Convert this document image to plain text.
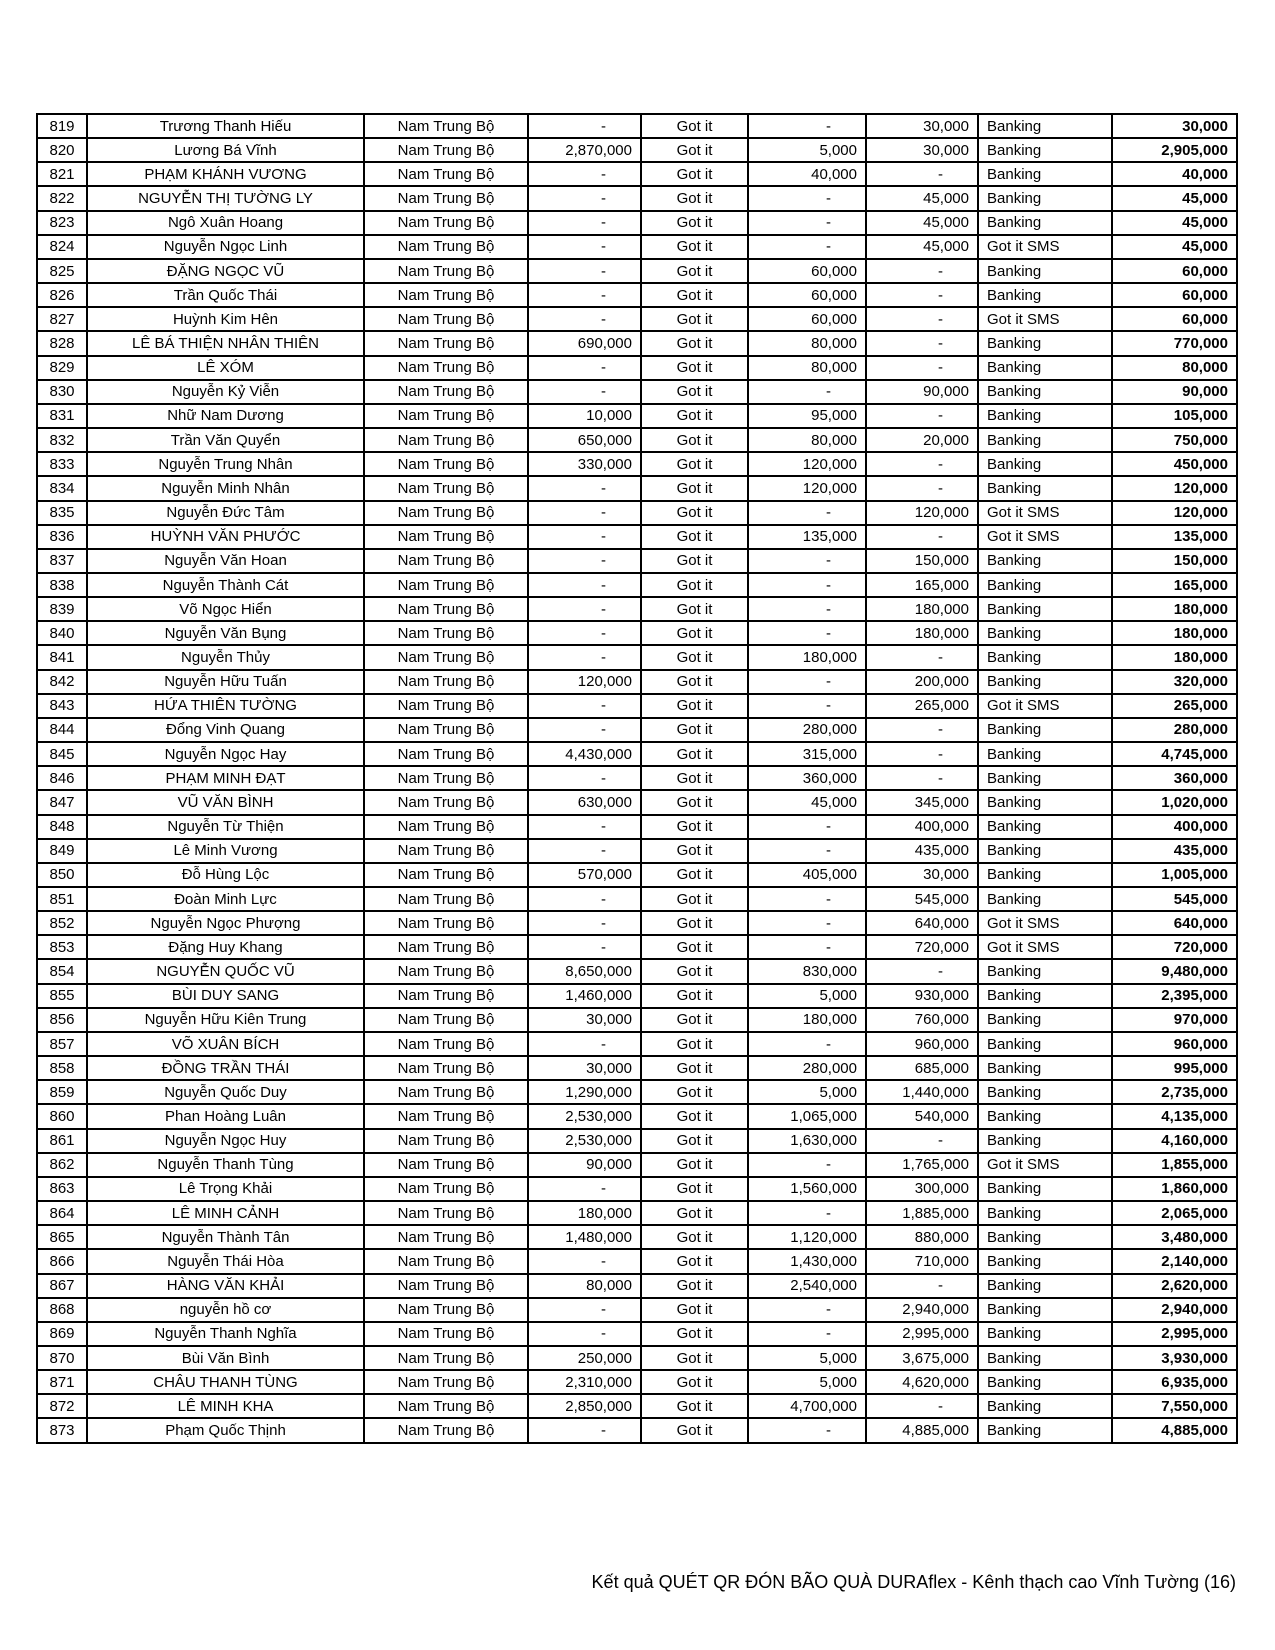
819	Trương Thanh Hiếu	Nam Trung Bộ	-	Got it	-	30,000	Banking	30,000
820	Lương Bá Vĩnh	Nam Trung Bộ	2,870,000	Got it	5,000	30,000	Banking	2,905,000
821	PHẠM KHÁNH VƯƠNG	Nam Trung Bộ	-	Got it	40,000	-	Banking	40,000
822	NGUYỄN THỊ TƯỜNG LY	Nam Trung Bộ	-	Got it	-	45,000	Banking	45,000
823	Ngô Xuân Hoang	Nam Trung Bộ	-	Got it	-	45,000	Banking	45,000
824	Nguyễn Ngọc Linh	Nam Trung Bộ	-	Got it	-	45,000	Got it SMS	45,000
825	ĐẶNG NGỌC VŨ	Nam Trung Bộ	-	Got it	60,000	-	Banking	60,000
826	Trần Quốc Thái	Nam Trung Bộ	-	Got it	60,000	-	Banking	60,000
827	Huỳnh Kim Hên	Nam Trung Bộ	-	Got it	60,000	-	Got it SMS	60,000
828	LÊ BÁ THIỆN NHÂN THIÊN	Nam Trung Bộ	690,000	Got it	80,000	-	Banking	770,000
829	LÊ XÓM	Nam Trung Bộ	-	Got it	80,000	-	Banking	80,000
830	Nguyễn Kỷ Viễn	Nam Trung Bộ	-	Got it	-	90,000	Banking	90,000
831	Nhữ Nam Dương	Nam Trung Bộ	10,000	Got it	95,000	-	Banking	105,000
832	Trần Văn Quyển	Nam Trung Bộ	650,000	Got it	80,000	20,000	Banking	750,000
833	Nguyễn Trung Nhân	Nam Trung Bộ	330,000	Got it	120,000	-	Banking	450,000
834	Nguyễn Minh Nhân	Nam Trung Bộ	-	Got it	120,000	-	Banking	120,000
835	Nguyễn Đức Tâm	Nam Trung Bộ	-	Got it	-	120,000	Got it SMS	120,000
836	HUỲNH VĂN PHƯỚC	Nam Trung Bộ	-	Got it	135,000	-	Got it SMS	135,000
837	Nguyễn Văn Hoan	Nam Trung Bộ	-	Got it	-	150,000	Banking	150,000
838	Nguyễn Thành Cát	Nam Trung Bộ	-	Got it	-	165,000	Banking	165,000
839	Võ Ngọc Hiển	Nam Trung Bộ	-	Got it	-	180,000	Banking	180,000
840	Nguyễn Văn Bụng	Nam Trung Bộ	-	Got it	-	180,000	Banking	180,000
841	Nguyễn Thủy	Nam Trung Bộ	-	Got it	180,000	-	Banking	180,000
842	Nguyễn Hữu Tuấn	Nam Trung Bộ	120,000	Got it	-	200,000	Banking	320,000
843	HỨA THIÊN TƯỜNG	Nam Trung Bộ	-	Got it	-	265,000	Got it SMS	265,000
844	Đổng Vinh Quang	Nam Trung Bộ	-	Got it	280,000	-	Banking	280,000
845	Nguyễn Ngọc Hay	Nam Trung Bộ	4,430,000	Got it	315,000	-	Banking	4,745,000
846	PHẠM MINH ĐẠT	Nam Trung Bộ	-	Got it	360,000	-	Banking	360,000
847	VŨ VĂN BÌNH	Nam Trung Bộ	630,000	Got it	45,000	345,000	Banking	1,020,000
848	Nguyễn Từ Thiện	Nam Trung Bộ	-	Got it	-	400,000	Banking	400,000
849	Lê Minh Vương	Nam Trung Bộ	-	Got it	-	435,000	Banking	435,000
850	Đỗ Hùng Lộc	Nam Trung Bộ	570,000	Got it	405,000	30,000	Banking	1,005,000
851	Đoàn Minh Lực	Nam Trung Bộ	-	Got it	-	545,000	Banking	545,000
852	Nguyễn Ngọc Phượng	Nam Trung Bộ	-	Got it	-	640,000	Got it SMS	640,000
853	Đặng Huy Khang	Nam Trung Bộ	-	Got it	-	720,000	Got it SMS	720,000
854	NGUYỄN QUỐC VŨ	Nam Trung Bộ	8,650,000	Got it	830,000	-	Banking	9,480,000
855	BÙI DUY SANG	Nam Trung Bộ	1,460,000	Got it	5,000	930,000	Banking	2,395,000
856	Nguyễn Hữu Kiên Trung	Nam Trung Bộ	30,000	Got it	180,000	760,000	Banking	970,000
857	VÕ XUÂN BÍCH	Nam Trung Bộ	-	Got it	-	960,000	Banking	960,000
858	ĐỒNG TRẦN THÁI	Nam Trung Bộ	30,000	Got it	280,000	685,000	Banking	995,000
859	Nguyễn Quốc Duy	Nam Trung Bộ	1,290,000	Got it	5,000	1,440,000	Banking	2,735,000
860	Phan Hoàng Luân	Nam Trung Bộ	2,530,000	Got it	1,065,000	540,000	Banking	4,135,000
861	Nguyễn Ngọc Huy	Nam Trung Bộ	2,530,000	Got it	1,630,000	-	Banking	4,160,000
862	Nguyễn Thanh Tùng	Nam Trung Bộ	90,000	Got it	-	1,765,000	Got it SMS	1,855,000
863	Lê Trọng Khải	Nam Trung Bộ	-	Got it	1,560,000	300,000	Banking	1,860,000
864	LÊ MINH CẢNH	Nam Trung Bộ	180,000	Got it	-	1,885,000	Banking	2,065,000
865	Nguyễn Thành Tân	Nam Trung Bộ	1,480,000	Got it	1,120,000	880,000	Banking	3,480,000
866	Nguyễn Thái Hòa	Nam Trung Bộ	-	Got it	1,430,000	710,000	Banking	2,140,000
867	HÀNG VĂN KHẢI	Nam Trung Bộ	80,000	Got it	2,540,000	-	Banking	2,620,000
868	nguyễn hồ cơ	Nam Trung Bộ	-	Got it	-	2,940,000	Banking	2,940,000
869	Nguyễn Thanh Nghĩa	Nam Trung Bộ	-	Got it	-	2,995,000	Banking	2,995,000
870	Bùi Văn Bình	Nam Trung Bộ	250,000	Got it	5,000	3,675,000	Banking	3,930,000
871	CHÂU THANH TÙNG	Nam Trung Bộ	2,310,000	Got it	5,000	4,620,000	Banking	6,935,000
872	LÊ MINH KHA	Nam Trung Bộ	2,850,000	Got it	4,700,000	-	Banking	7,550,000
873	Phạm Quốc Thịnh	Nam Trung Bộ	-	Got it	-	4,885,000	Banking	4,885,000
Kết quả QUÉT QR ĐÓN BÃO QUÀ DURAflex - Kênh thạch cao Vĩnh Tường (16)
